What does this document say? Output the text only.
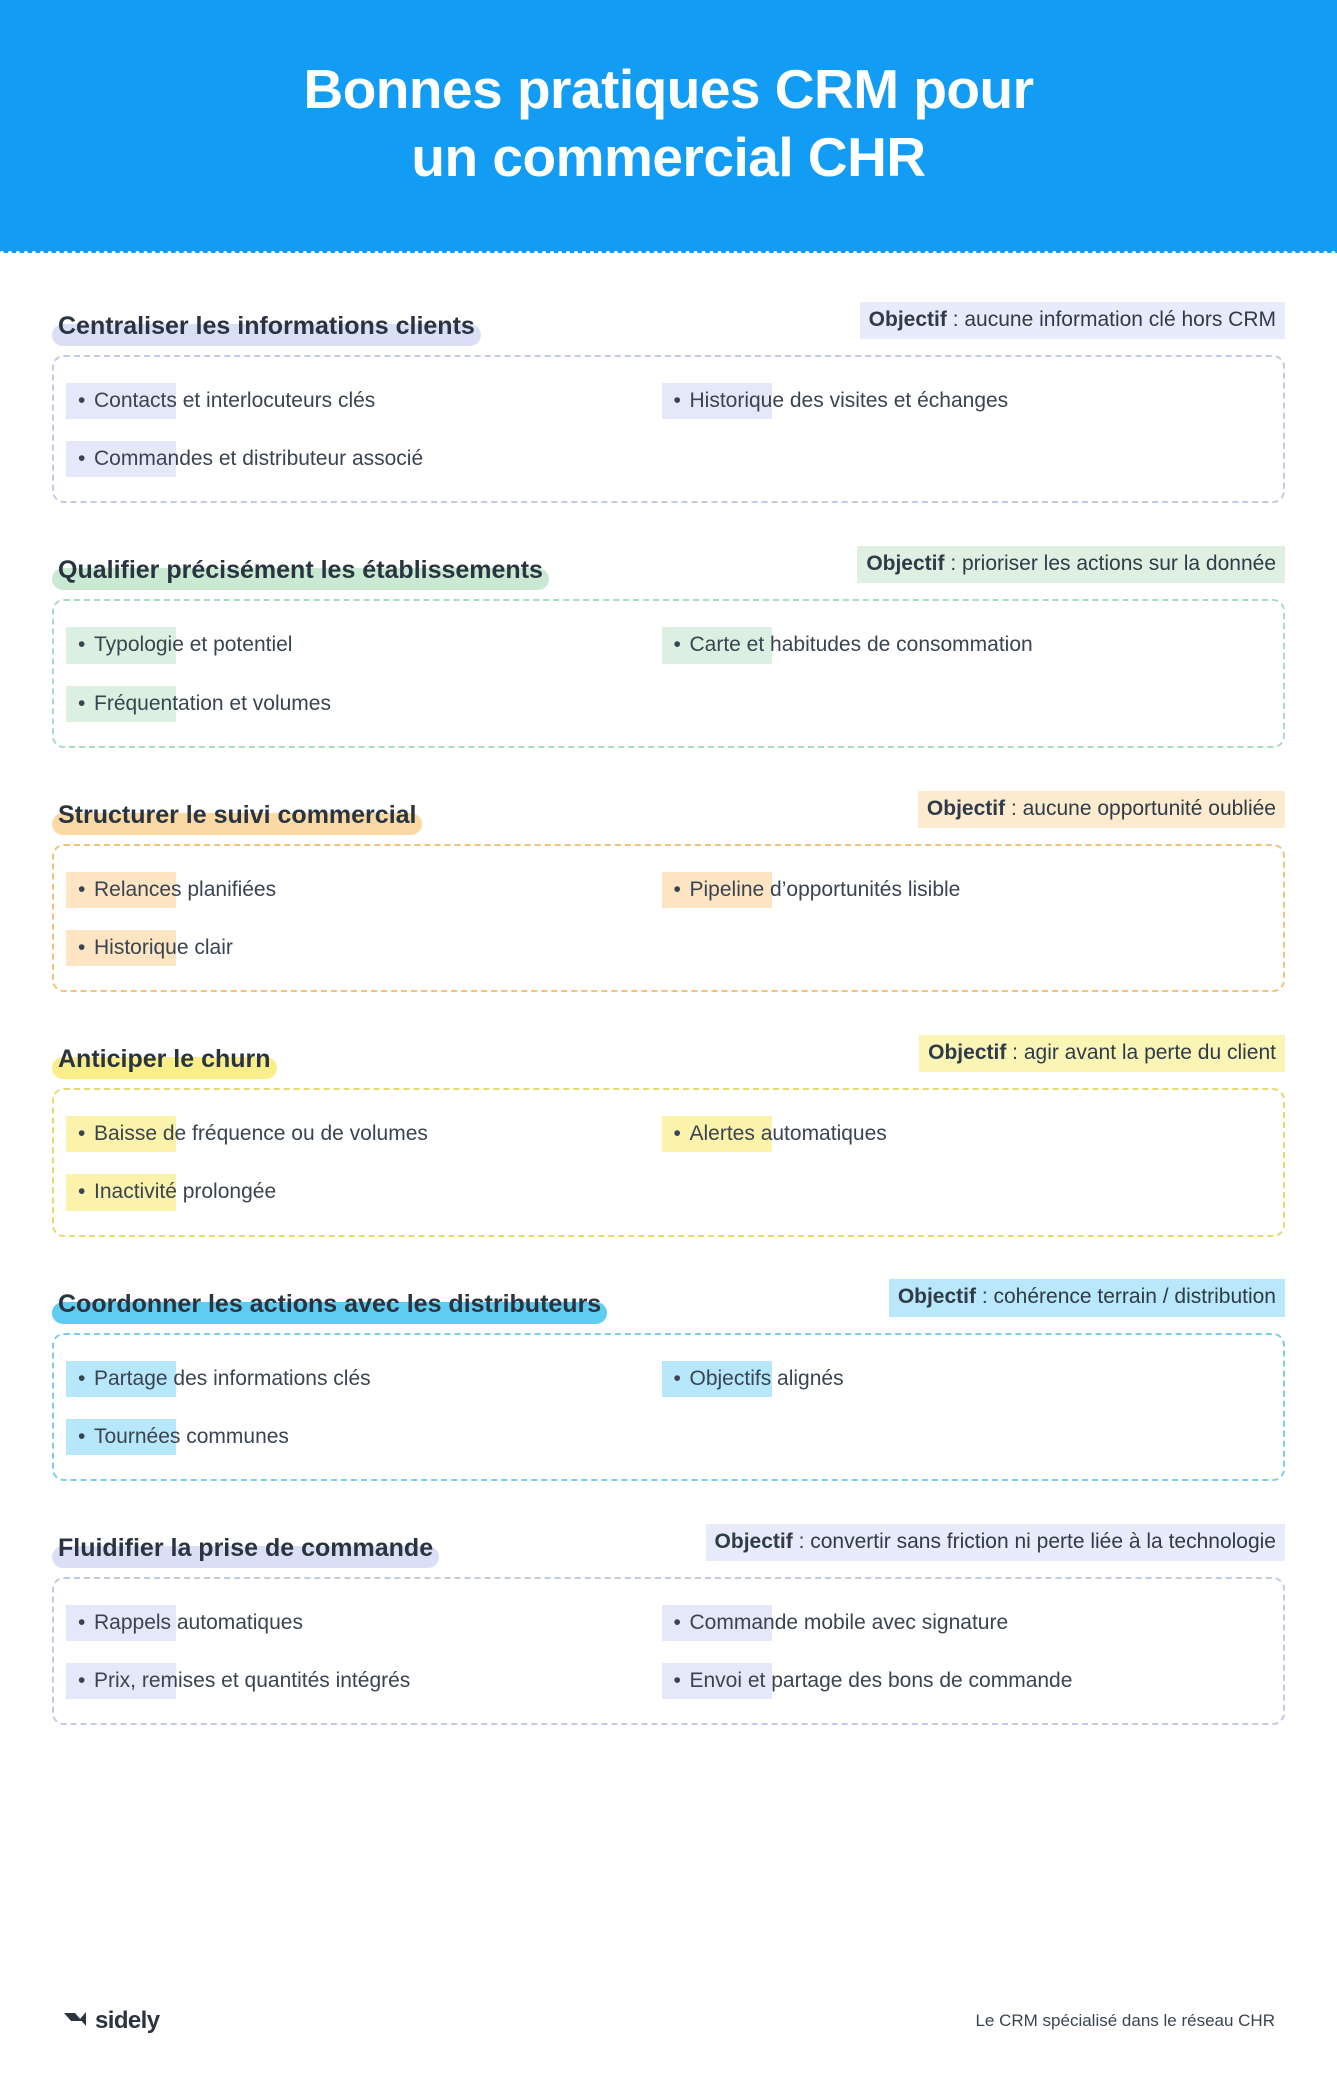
Bonnes pratiques CRM pour
un commercial CHR
Centraliser les informations clients	Objectif : aucune information clé hors CRM
• Contacts et interlocuteurs clés	• Historique des visites et échanges
• Commandes et distributeur associé
Qualifier précisément les établissements	Objectif : prioriser les actions sur la donnée
• Typologie et potentiel	• Carte et habitudes de consommation
• Fréquentation et volumes
Structurer le suivi commercial	Objectif : aucune opportunité oubliée
• Relances planifiées	• Pipeline d’opportunités lisible
• Historique clair
Anticiper le churn	Objectif : agir avant la perte du client
• Baisse de fréquence ou de volumes	• Alertes automatiques
• Inactivité prolongée
Coordonner les actions avec les distributeurs	Objectif : cohérence terrain / distribution
• Partage des informations clés	• Objectifs alignés
• Tournées communes
Fluidifier la prise de commande	Objectif : convertir sans friction ni perte liée à la technologie
• Rappels automatiques	• Commande mobile avec signature
• Prix, remises et quantités intégrés	• Envoi et partage des bons de commande
sidely	Le CRM spécialisé dans le réseau CHR
